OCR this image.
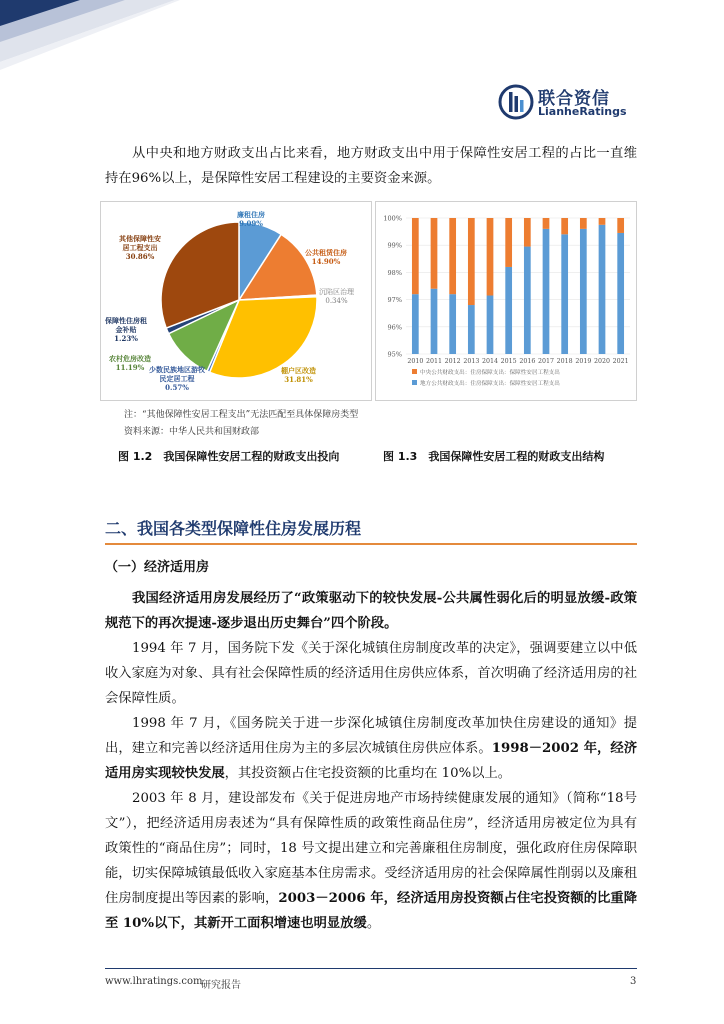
联合资信
LianheRatings

从中央和地方财政支出占比来看，地方财政支出中用于保障性安居工程的占比一直维持在96%以上，是保障性安居工程建设的主要资金来源。

廉租住房
9.09%
公共租赁住房
14.90%
沉陷区治理
0.34%
棚户区改造
31.81%
少数民族地区游牧
民定居工程
0.57%
农村危房改造
11.19%
保障性住房租
金补贴
1.23%
其他保障性安
居工程支出
30.86%
95%
96%
97%
98%
99%
100%
2010 2011 2012 2013 2014 2015 2016 2017 2018 2019 2020 2021
中央公共财政支出：住房保障支出：保障性安居工程支出
地方公共财政支出：住房保障支出：保障性安居工程支出
注：“其他保障性安居工程支出”无法匹配至具体保障房类型
资料来源：中华人民共和国财政部
图 1.2　我国保障性安居工程的财政支出投向	图 1.3　我国保障性安居工程的财政支出结构
二、我国各类型保障性住房发展历程
（一）经济适用房

我国经济适用房发展经历了“政策驱动下的较快发展-公共属性弱化后的明显放缓-政策规范下的再次提速-逐步退出历史舞台”四个阶段。

1994 年 7 月，国务院下发《关于深化城镇住房制度改革的决定》，强调要建立以中低收入家庭为对象、具有社会保障性质的经济适用住房供应体系，首次明确了经济适用房的社会保障性质。

1998 年 7 月，《国务院关于进一步深化城镇住房制度改革加快住房建设的通知》提出，建立和完善以经济适用住房为主的多层次城镇住房供应体系。1998－2002 年，经济适用房实现较快发展，其投资额占住宅投资额的比重均在 10%以上。

2003 年 8 月，建设部发布《关于促进房地产市场持续健康发展的通知》（简称“18号文”），把经济适用房表述为“具有保障性质的政策性商品住房”，经济适用房被定位为具有政策性的“商品住房”；同时，18 号文提出建立和完善廉租住房制度，强化政府住房保障职能，切实保障城镇最低收入家庭基本住房需求。受经济适用房的社会保障属性削弱以及廉租住房制度提出等因素的影响，2003－2006 年，经济适用房投资额占住宅投资额的比重降至 10%以下，其新开工面积增速也明显放缓。

www.lhratings.com
研究报告	3
